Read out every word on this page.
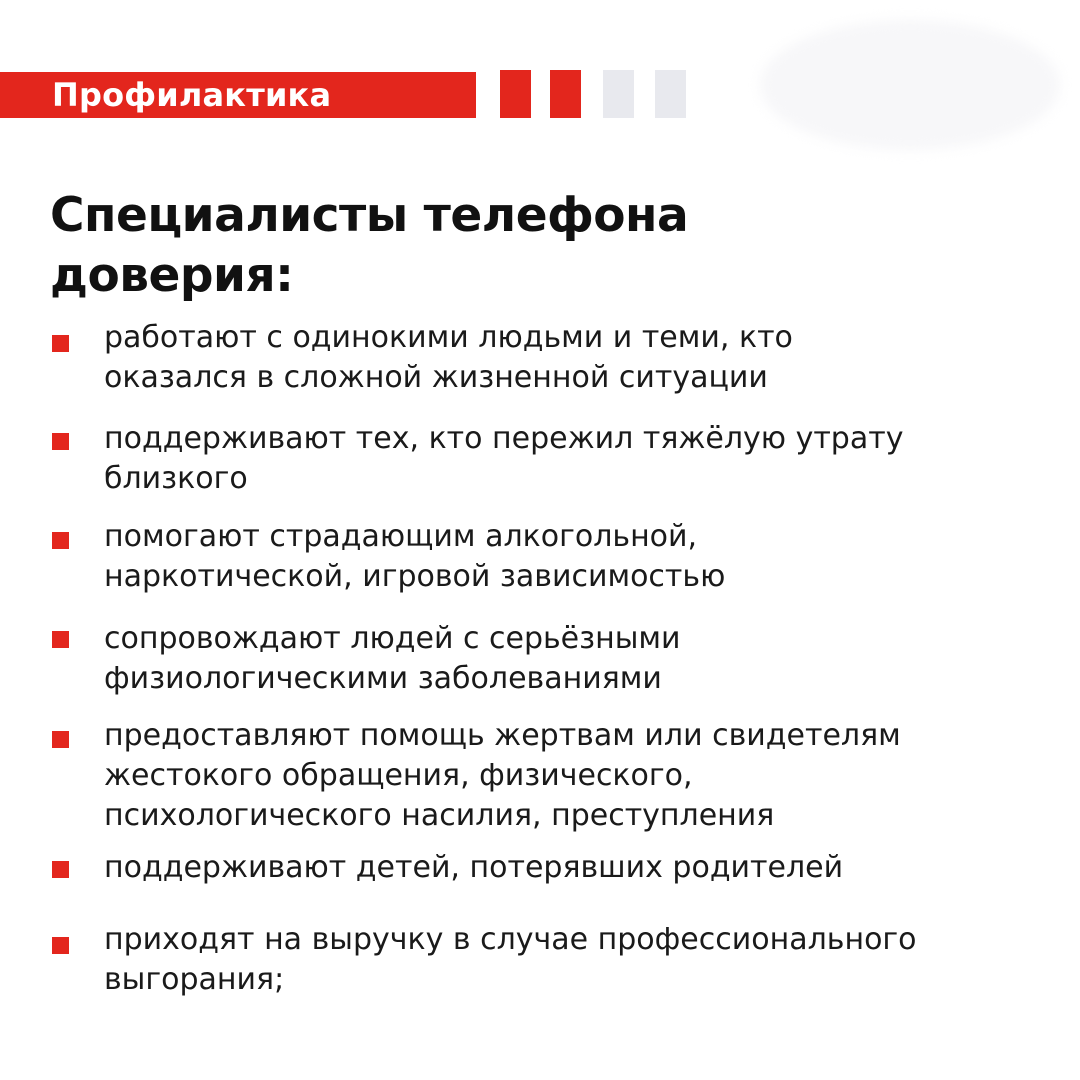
Профилактика
Специалисты телефона
доверия:
работают с одинокими людьми и теми, кто
оказался в сложной жизненной ситуации
поддерживают тех, кто пережил тяжёлую утрату
близкого
помогают страдающим алкогольной,
наркотической, игровой зависимостью
сопровождают людей с серьёзными
физиологическими заболеваниями
предоставляют помощь жертвам или свидетелям
жестокого обращения, физического,
психологического насилия, преступления
поддерживают детей, потерявших родителей
приходят на выручку в случае профессионального
выгорания;
